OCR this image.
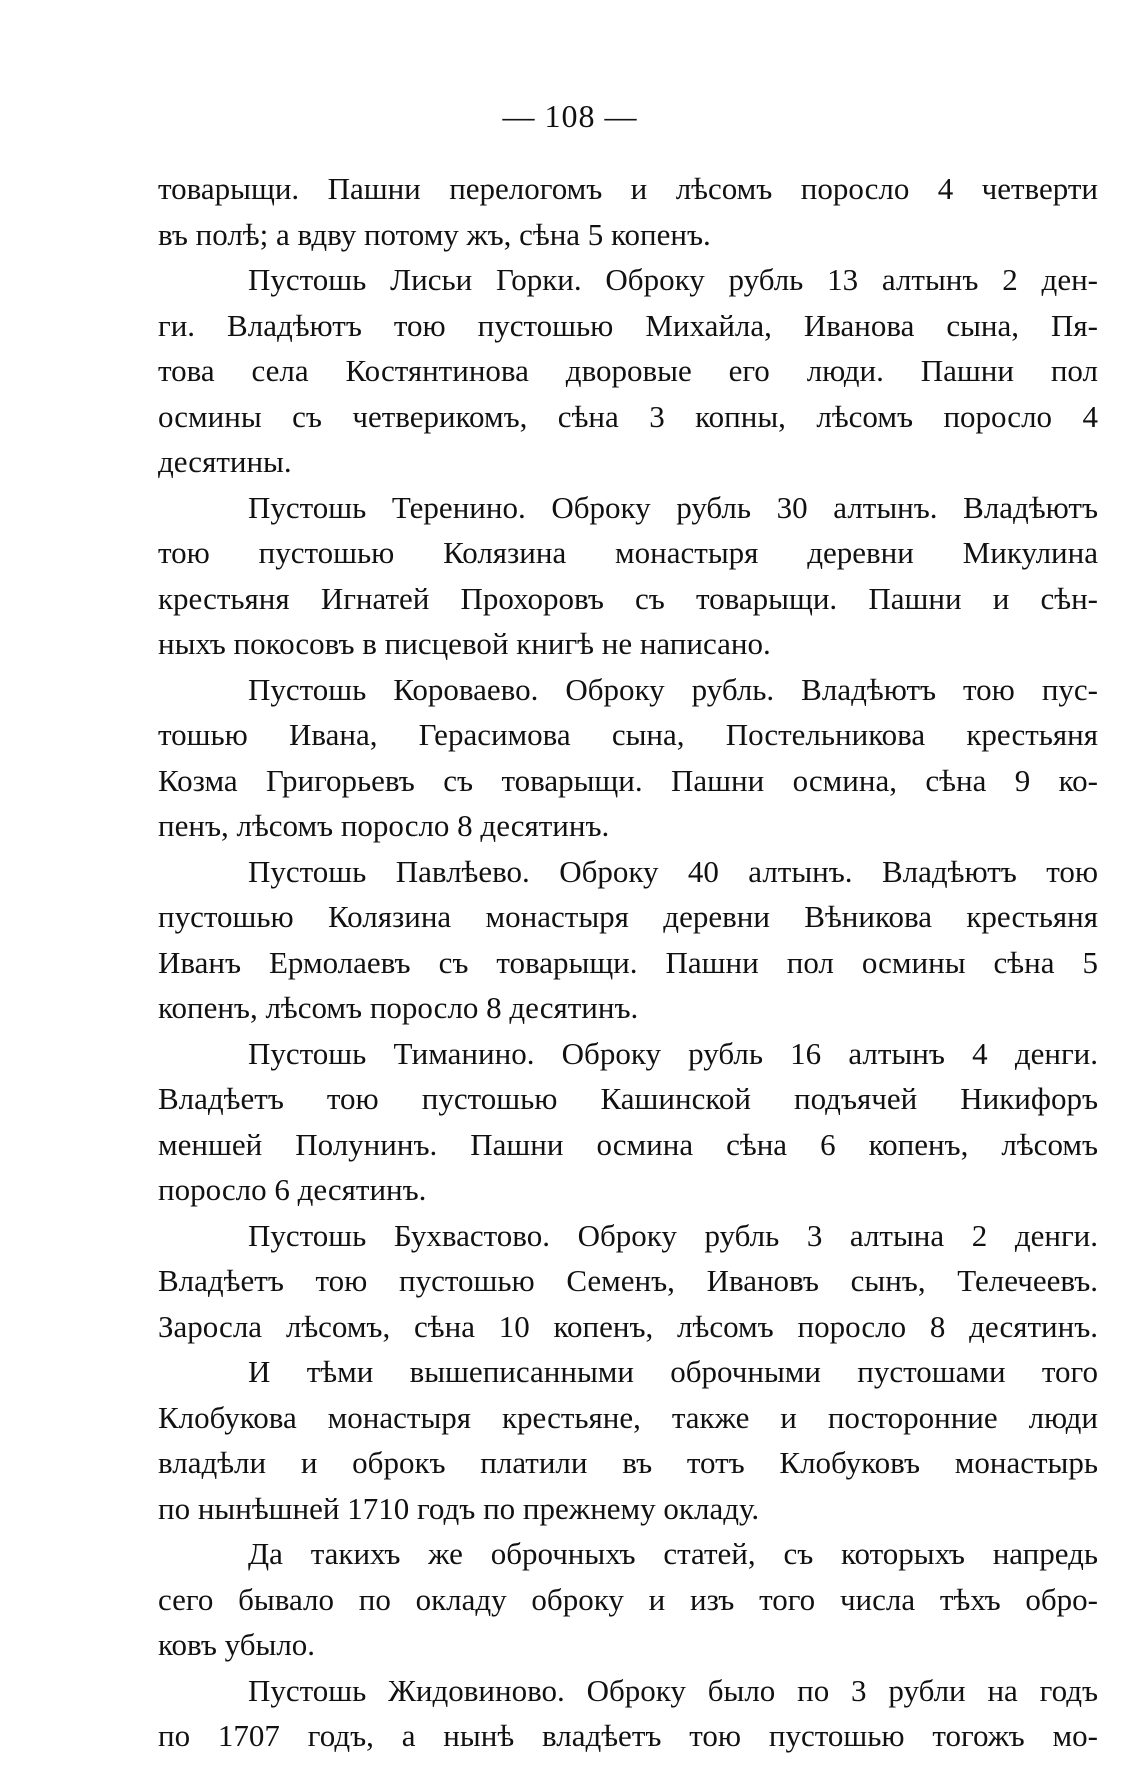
— 108 —
товарыщи. Пашни перелогомъ и лѣсомъ поросло 4 четверти
въ полѣ; а вдву потому жъ, сѣна 5 копенъ.
Пустошь Лисьи Горки. Оброку рубль 13 алтынъ 2 ден-
ги. Владѣютъ тою пустошью Михайла, Иванова сына, Пя-
това села Костянтинова дворовые его люди. Пашни пол
осмины съ четверикомъ, сѣна 3 копны, лѣсомъ поросло 4
десятины.
Пустошь Теренино. Оброку рубль 30 алтынъ. Владѣютъ
тою пустошью Колязина монастыря деревни Микулина
крестьяня Игнатей Прохоровъ съ товарыщи. Пашни и сѣн-
ныхъ покосовъ в писцевой книгѣ не написано.
Пустошь Короваево. Оброку рубль. Владѣютъ тою пус-
тошью Ивана, Герасимова сына, Постельникова крестьяня
Козма Григорьевъ съ товарыщи. Пашни осмина, сѣна 9 ко-
пенъ, лѣсомъ поросло 8 десятинъ.
Пустошь Павлѣево. Оброку 40 алтынъ. Владѣютъ тою
пустошью Колязина монастыря деревни Вѣникова крестьяня
Иванъ Ермолаевъ съ товарыщи. Пашни пол осмины сѣна 5
копенъ, лѣсомъ поросло 8 десятинъ.
Пустошь Тиманино. Оброку рубль 16 алтынъ 4 денги.
Владѣетъ тою пустошью Кашинской подъячей Никифоръ
меншей Полунинъ. Пашни осмина сѣна 6 копенъ, лѣсомъ
поросло 6 десятинъ.
Пустошь Бухвастово. Оброку рубль 3 алтына 2 денги.
Владѣетъ тою пустошью Семенъ, Ивановъ сынъ, Телечеевъ.
Заросла лѣсомъ, сѣна 10 копенъ, лѣсомъ поросло 8 десятинъ.
И тѣми вышеписанными оброчными пустошами того
Клобукова монастыря крестьяне, также и посторонние люди
владѣли и оброкъ платили въ тотъ Клобуковъ монастырь
по нынѣшней 1710 годъ по прежнему окладу.
Да такихъ же оброчныхъ статей, съ которыхъ напредь
сего бывало по окладу оброку и изъ того числа тѣхъ обро-
ковъ убыло.
Пустошь Жидовиново. Оброку было по 3 рубли на годъ
по 1707 годъ, а нынѣ владѣетъ тою пустошью тогожъ мо-
